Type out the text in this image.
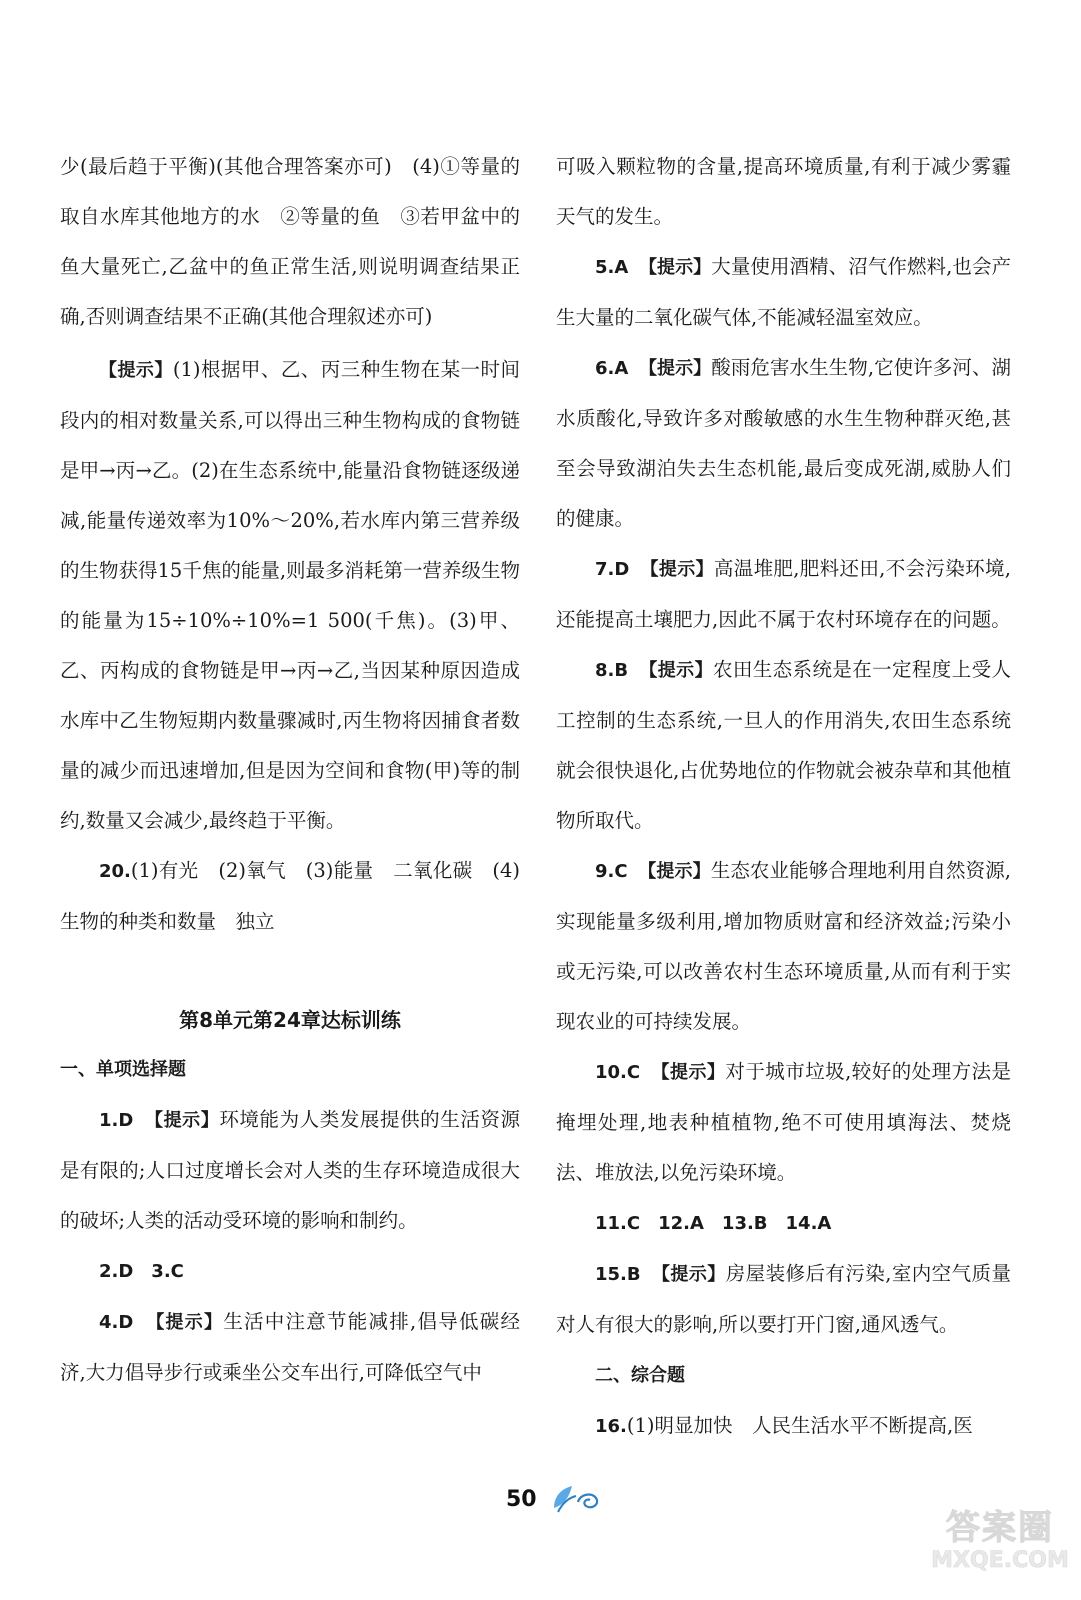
少(最后趋于平衡)(其他合理答案亦可)　(4)①等量的取自水库其他地方的水　②等量的鱼　③若甲盆中的鱼大量死亡,乙盆中的鱼正常生活,则说明调查结果正确,否则调查结果不正确(其他合理叙述亦可)

【提示】(1)根据甲、乙、丙三种生物在某一时间段内的相对数量关系,可以得出三种生物构成的食物链是甲→丙→乙。(2)在生态系统中,能量沿食物链逐级递减,能量传递效率为10%～20%,若水库内第三营养级的生物获得15千焦的能量,则最多消耗第一营养级生物的能量为15÷10%÷10%=1 500(千焦)。(3)甲、乙、丙构成的食物链是甲→丙→乙,当因某种原因造成水库中乙生物短期内数量骤减时,丙生物将因捕食者数量的减少而迅速增加,但是因为空间和食物(甲)等的制约,数量又会减少,最终趋于平衡。

20.(1)有光　(2)氧气　(3)能量　二氧化碳　(4)生物的种类和数量　独立

第8单元第24章达标训练
一、单项选择题

1.D　 【提示】环境能为人类发展提供的生活资源是有限的;人口过度增长会对人类的生存环境造成很大的破坏;人类的活动受环境的影响和制约。

2.D　3.C

4.D　 【提示】生活中注意节能减排,倡导低碳经济,大力倡导步行或乘坐公交车出行,可降低空气中

可吸入颗粒物的含量,提高环境质量,有利于减少雾霾天气的发生。

5.A　 【提示】大量使用酒精、沼气作燃料,也会产生大量的二氧化碳气体,不能减轻温室效应。

6.A　 【提示】酸雨危害水生生物,它使许多河、湖水质酸化,导致许多对酸敏感的水生生物种群灭绝,甚至会导致湖泊失去生态机能,最后变成死湖,威胁人们的健康。

7.D　 【提示】高温堆肥,肥料还田,不会污染环境,还能提高土壤肥力,因此不属于农村环境存在的问题。

8.B　 【提示】农田生态系统是在一定程度上受人工控制的生态系统,一旦人的作用消失,农田生态系统就会很快退化,占优势地位的作物就会被杂草和其他植物所取代。

9.C　 【提示】生态农业能够合理地利用自然资源,实现能量多级利用,增加物质财富和经济效益;污染小或无污染,可以改善农村生态环境质量,从而有利于实现农业的可持续发展。

10.C　 【提示】对于城市垃圾,较好的处理方法是掩埋处理,地表种植植物,绝不可使用填海法、焚烧法、堆放法,以免污染环境。

11.C　12.A　13.B　14.A

15.B　 【提示】房屋装修后有污染,室内空气质量对人有很大的影响,所以要打开门窗,通风透气。

二、综合题

16.(1)明显加快　人民生活水平不断提高,医

50
答案圈
MXQE.COM
